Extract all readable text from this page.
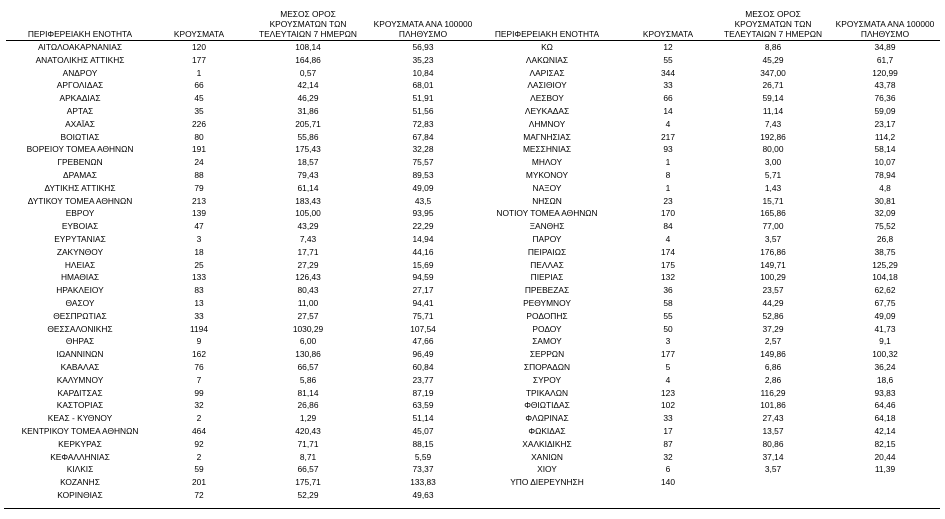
ΠΕΡΙΦΕΡΕΙΑΚΗ ΕΝΟΤΗΤΑ	ΚΡΟΥΣΜΑΤΑ	ΜΕΣΟΣ ΟΡΟΣ ΚΡΟΥΣΜΑΤΩΝ ΤΩΝ ΤΕΛΕΥΤΑΙΩΝ 7 ΗΜΕΡΩΝ	ΚΡΟΥΣΜΑΤΑ ΑΝΑ 100000 ΠΛΗΘΥΣΜΟ
ΑΙΤΩΛΟΑΚΑΡΝΑΝΙΑΣ	120	108,14	56,93
ΑΝΑΤΟΛΙΚΗΣ ΑΤΤΙΚΗΣ	177	164,86	35,23
ΑΝΔΡΟΥ	1	0,57	10,84
ΑΡΓΟΛΙΔΑΣ	66	42,14	68,01
ΑΡΚΑΔΙΑΣ	45	46,29	51,91
ΑΡΤΑΣ	35	31,86	51,56
ΑΧΑΪΑΣ	226	205,71	72,83
ΒΟΙΩΤΙΑΣ	80	55,86	67,84
ΒΟΡΕΙΟΥ ΤΟΜΕΑ ΑΘΗΝΩΝ	191	175,43	32,28
ΓΡΕΒΕΝΩΝ	24	18,57	75,57
ΔΡΑΜΑΣ	88	79,43	89,53
ΔΥΤΙΚΗΣ ΑΤΤΙΚΗΣ	79	61,14	49,09
ΔΥΤΙΚΟΥ ΤΟΜΕΑ ΑΘΗΝΩΝ	213	183,43	43,5
ΕΒΡΟΥ	139	105,00	93,95
ΕΥΒΟΙΑΣ	47	43,29	22,29
ΕΥΡΥΤΑΝΙΑΣ	3	7,43	14,94
ΖΑΚΥΝΘΟΥ	18	17,71	44,16
ΗΛΕΙΑΣ	25	27,29	15,69
ΗΜΑΘΙΑΣ	133	126,43	94,59
ΗΡΑΚΛΕΙΟΥ	83	80,43	27,17
ΘΑΣΟΥ	13	11,00	94,41
ΘΕΣΠΡΩΤΙΑΣ	33	27,57	75,71
ΘΕΣΣΑΛΟΝΙΚΗΣ	1194	1030,29	107,54
ΘΗΡΑΣ	9	6,00	47,66
ΙΩΑΝΝΙΝΩΝ	162	130,86	96,49
ΚΑΒΑΛΑΣ	76	66,57	60,84
ΚΑΛΥΜΝΟΥ	7	5,86	23,77
ΚΑΡΔΙΤΣΑΣ	99	81,14	87,19
ΚΑΣΤΟΡΙΑΣ	32	26,86	63,59
ΚΕΑΣ - ΚΥΘΝΟΥ	2	1,29	51,14
ΚΕΝΤΡΙΚΟΥ ΤΟΜΕΑ ΑΘΗΝΩΝ	464	420,43	45,07
ΚΕΡΚΥΡΑΣ	92	71,71	88,15
ΚΕΦΑΛΛΗΝΙΑΣ	2	8,71	5,59
ΚΙΛΚΙΣ	59	66,57	73,37
ΚΟΖΑΝΗΣ	201	175,71	133,83
ΚΟΡΙΝΘΙΑΣ	72	52,29	49,63
ΠΕΡΙΦΕΡΕΙΑΚΗ ΕΝΟΤΗΤΑ	ΚΡΟΥΣΜΑΤΑ	ΜΕΣΟΣ ΟΡΟΣ ΚΡΟΥΣΜΑΤΩΝ ΤΩΝ ΤΕΛΕΥΤΑΙΩΝ 7 ΗΜΕΡΩΝ	ΚΡΟΥΣΜΑΤΑ ΑΝΑ 100000 ΠΛΗΘΥΣΜΟ
ΚΩ	12	8,86	34,89
ΛΑΚΩΝΙΑΣ	55	45,29	61,7
ΛΑΡΙΣΑΣ	344	347,00	120,99
ΛΑΣΙΘΙΟΥ	33	26,71	43,78
ΛΕΣΒΟΥ	66	59,14	76,36
ΛΕΥΚΑΔΑΣ	14	11,14	59,09
ΛΗΜΝΟΥ	4	7,43	23,17
ΜΑΓΝΗΣΙΑΣ	217	192,86	114,2
ΜΕΣΣΗΝΙΑΣ	93	80,00	58,14
ΜΗΛΟΥ	1	3,00	10,07
ΜΥΚΟΝΟΥ	8	5,71	78,94
ΝΑΞΟΥ	1	1,43	4,8
ΝΗΣΩΝ	23	15,71	30,81
ΝΟΤΙΟΥ ΤΟΜΕΑ ΑΘΗΝΩΝ	170	165,86	32,09
ΞΑΝΘΗΣ	84	77,00	75,52
ΠΑΡΟΥ	4	3,57	26,8
ΠΕΙΡΑΙΩΣ	174	176,86	38,75
ΠΕΛΛΑΣ	175	149,71	125,29
ΠΙΕΡΙΑΣ	132	100,29	104,18
ΠΡΕΒΕΖΑΣ	36	23,57	62,62
ΡΕΘΥΜΝΟΥ	58	44,29	67,75
ΡΟΔΟΠΗΣ	55	52,86	49,09
ΡΟΔΟΥ	50	37,29	41,73
ΣΑΜΟΥ	3	2,57	9,1
ΣΕΡΡΩΝ	177	149,86	100,32
ΣΠΟΡΑΔΩΝ	5	6,86	36,24
ΣΥΡΟΥ	4	2,86	18,6
ΤΡΙΚΑΛΩΝ	123	116,29	93,83
ΦΘΙΩΤΙΔΑΣ	102	101,86	64,46
ΦΛΩΡΙΝΑΣ	33	27,43	64,18
ΦΩΚΙΔΑΣ	17	13,57	42,14
ΧΑΛΚΙΔΙΚΗΣ	87	80,86	82,15
ΧΑΝΙΩΝ	32	37,14	20,44
ΧΙΟΥ	6	3,57	11,39
ΥΠΟ ΔΙΕΡΕΥΝΗΣΗ	140		
